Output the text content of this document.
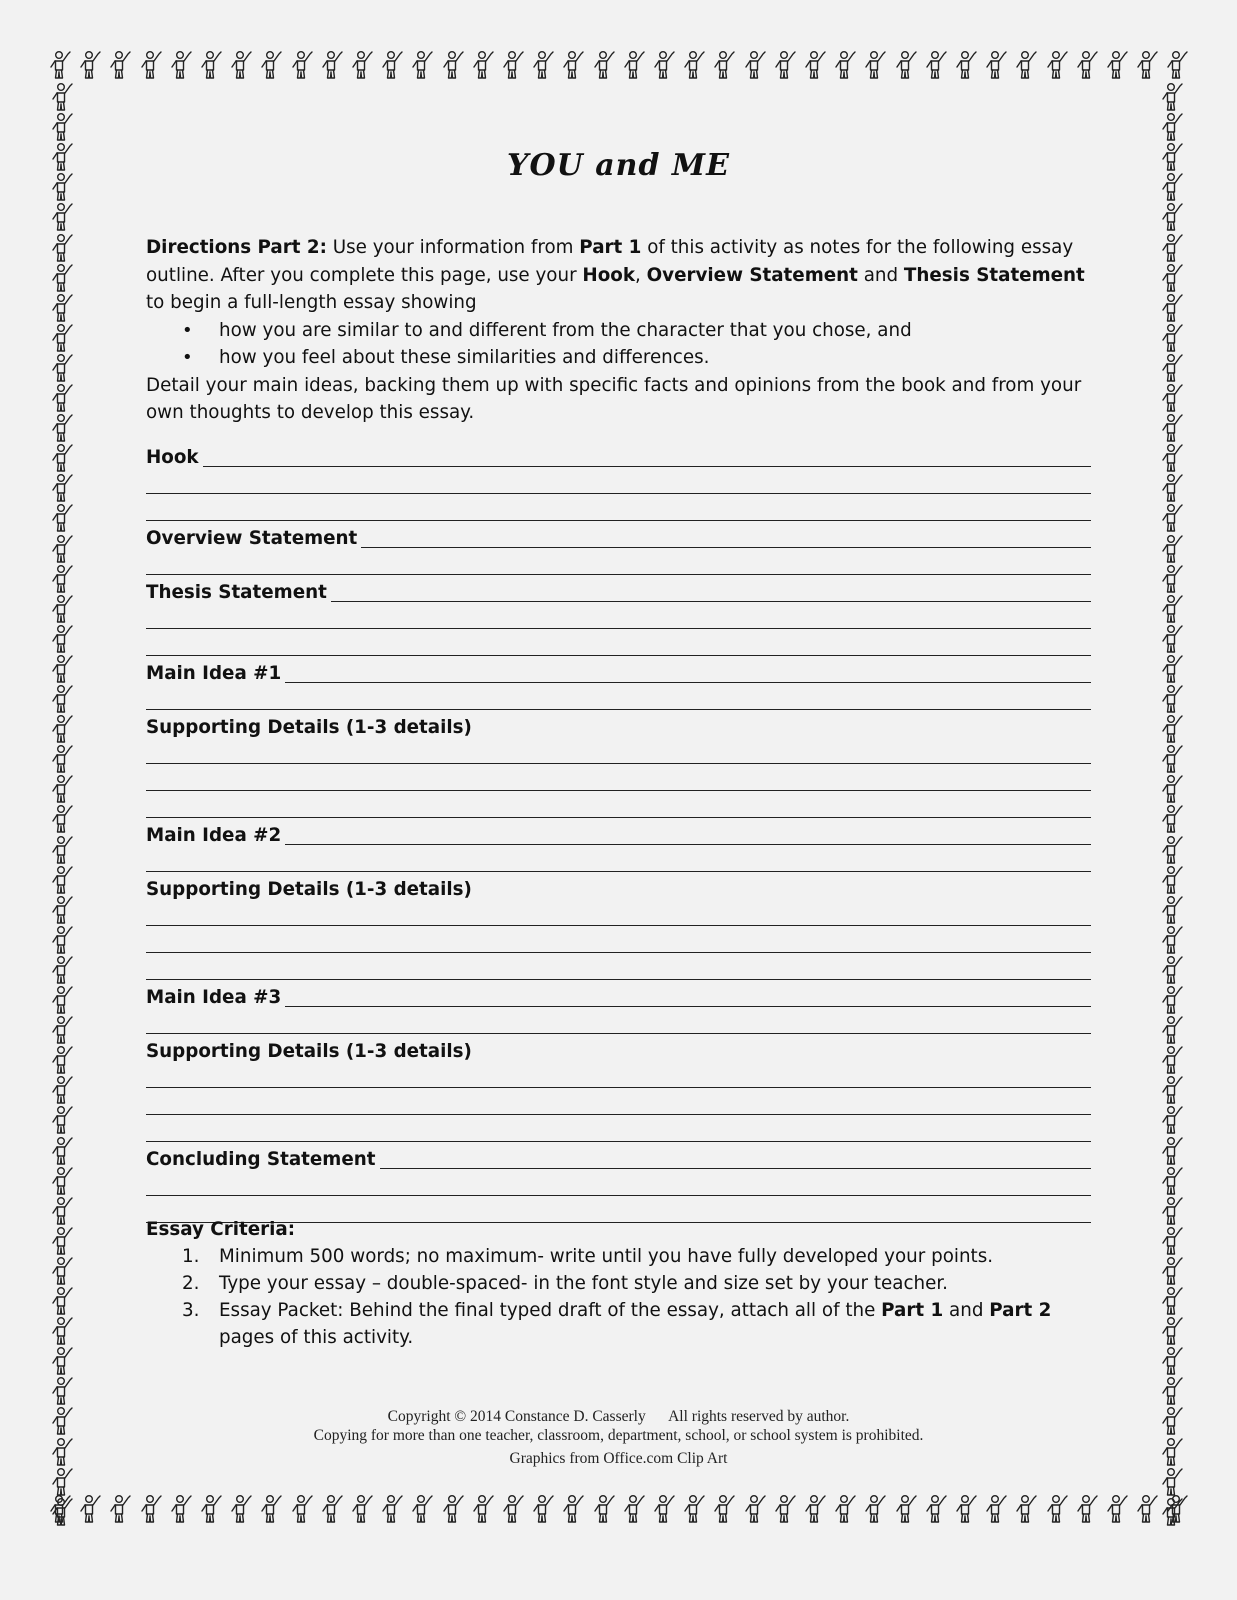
YOU and ME

Directions Part 2: Use your information from Part 1 of this activity as notes for the following essay outline. After you complete this page, use your Hook, Overview Statement and Thesis Statement to begin a full-length essay showing

• how you are similar to and different from the character that you chose, and
• how you feel about these similarities and differences.

Detail your main ideas, backing them up with specific facts and opinions from the book and from your own thoughts to develop this essay.

Hook
Overview Statement
Thesis Statement
Main Idea #1
Supporting Details (1-3 details)
Main Idea #2
Supporting Details (1-3 details)
Main Idea #3
Supporting Details (1-3 details)
Concluding Statement
Essay Criteria:
1. Minimum 500 words; no maximum- write until you have fully developed your points.
2. Type your essay – double-spaced- in the font style and size set by your teacher.
3. Essay Packet: Behind the final typed draft of the essay, attach all of the Part 1 and Part 2 pages of this activity.
Copyright © 2014 Constance D. Casserly      All rights reserved by author.
Copying for more than one teacher, classroom, department, school, or school system is prohibited.
Graphics from Office.com Clip Art
